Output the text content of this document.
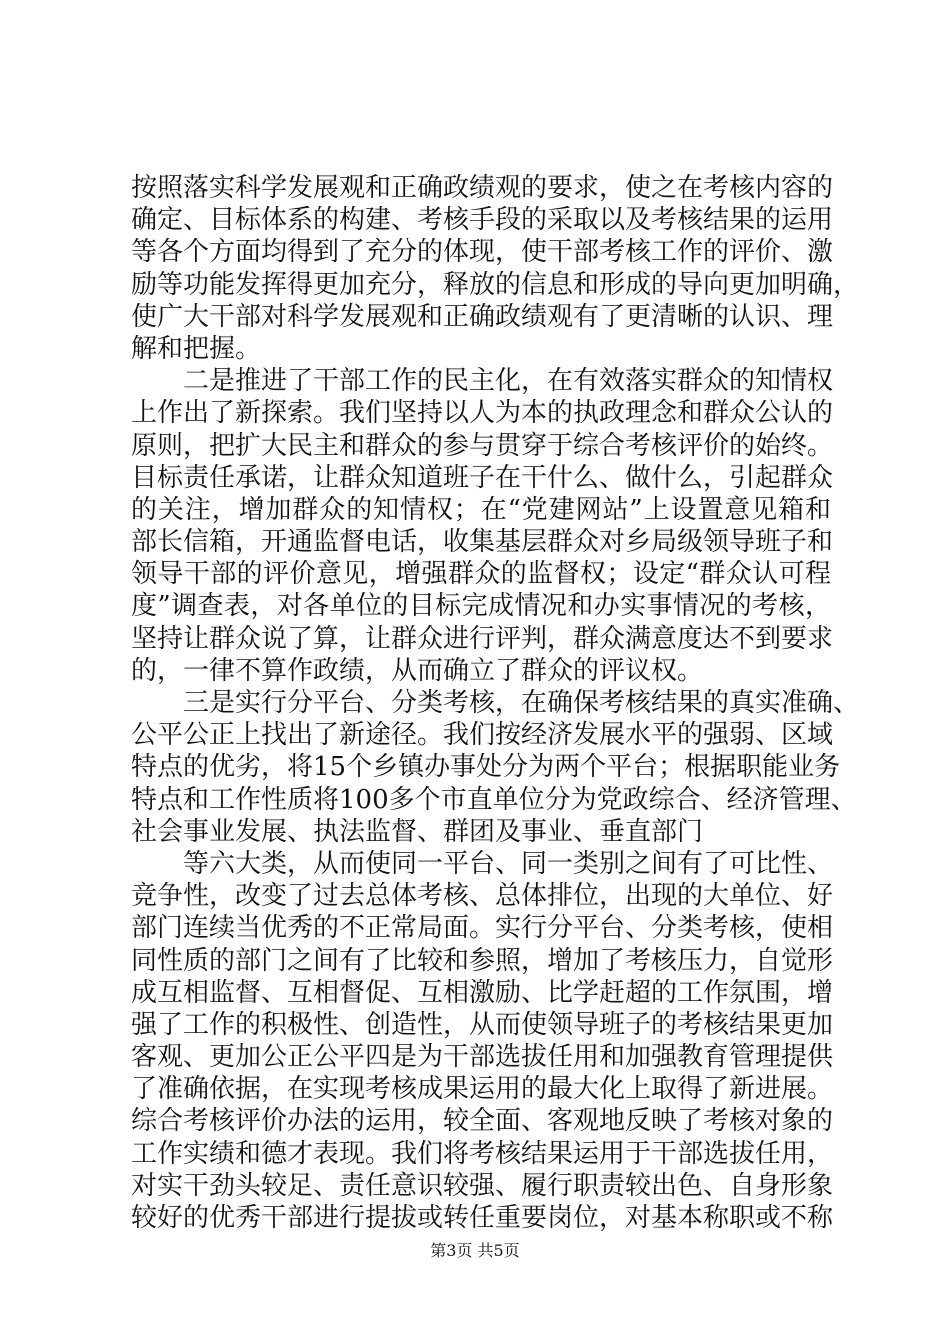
按照落实科学发展观和正确政绩观的要求，使之在考核内容的
确定、目标体系的构建、考核手段的采取以及考核结果的运用
等各个方面均得到了充分的体现，使干部考核工作的评价、激
励等功能发挥得更加充分，释放的信息和形成的导向更加明确，
使广大干部对科学发展观和正确政绩观有了更清晰的认识、理
解和把握。
二是推进了干部工作的民主化，在有效落实群众的知情权
上作出了新探索。我们坚持以人为本的执政理念和群众公认的
原则，把扩大民主和群众的参与贯穿于综合考核评价的始终。
目标责任承诺，让群众知道班子在干什么、做什么，引起群众
的关注，增加群众的知情权；在“党建网站”上设置意见箱和
部长信箱，开通监督电话，收集基层群众对乡局级领导班子和
领导干部的评价意见，增强群众的监督权；设定“群众认可程
度”调查表，对各单位的目标完成情况和办实事情况的考核，
坚持让群众说了算，让群众进行评判，群众满意度达不到要求
的，一律不算作政绩，从而确立了群众的评议权。
三是实行分平台、分类考核，在确保考核结果的真实准确、
公平公正上找出了新途径。我们按经济发展水平的强弱、区域
特点的优劣，将15个乡镇办事处分为两个平台；根据职能业务
特点和工作性质将100多个市直单位分为党政综合、经济管理、
社会事业发展、执法监督、群团及事业、垂直部门
等六大类，从而使同一平台、同一类别之间有了可比性、
竞争性，改变了过去总体考核、总体排位，出现的大单位、好
部门连续当优秀的不正常局面。实行分平台、分类考核，使相
同性质的部门之间有了比较和参照，增加了考核压力，自觉形
成互相监督、互相督促、互相激励、比学赶超的工作氛围，增
强了工作的积极性、创造性，从而使领导班子的考核结果更加
客观、更加公正公平四是为干部选拔任用和加强教育管理提供
了准确依据，在实现考核成果运用的最大化上取得了新进展。
综合考核评价办法的运用，较全面、客观地反映了考核对象的
工作实绩和德才表现。我们将考核结果运用于干部选拔任用，
对实干劲头较足、责任意识较强、履行职责较出色、自身形象
较好的优秀干部进行提拔或转任重要岗位，对基本称职或不称
第3页 共5页
